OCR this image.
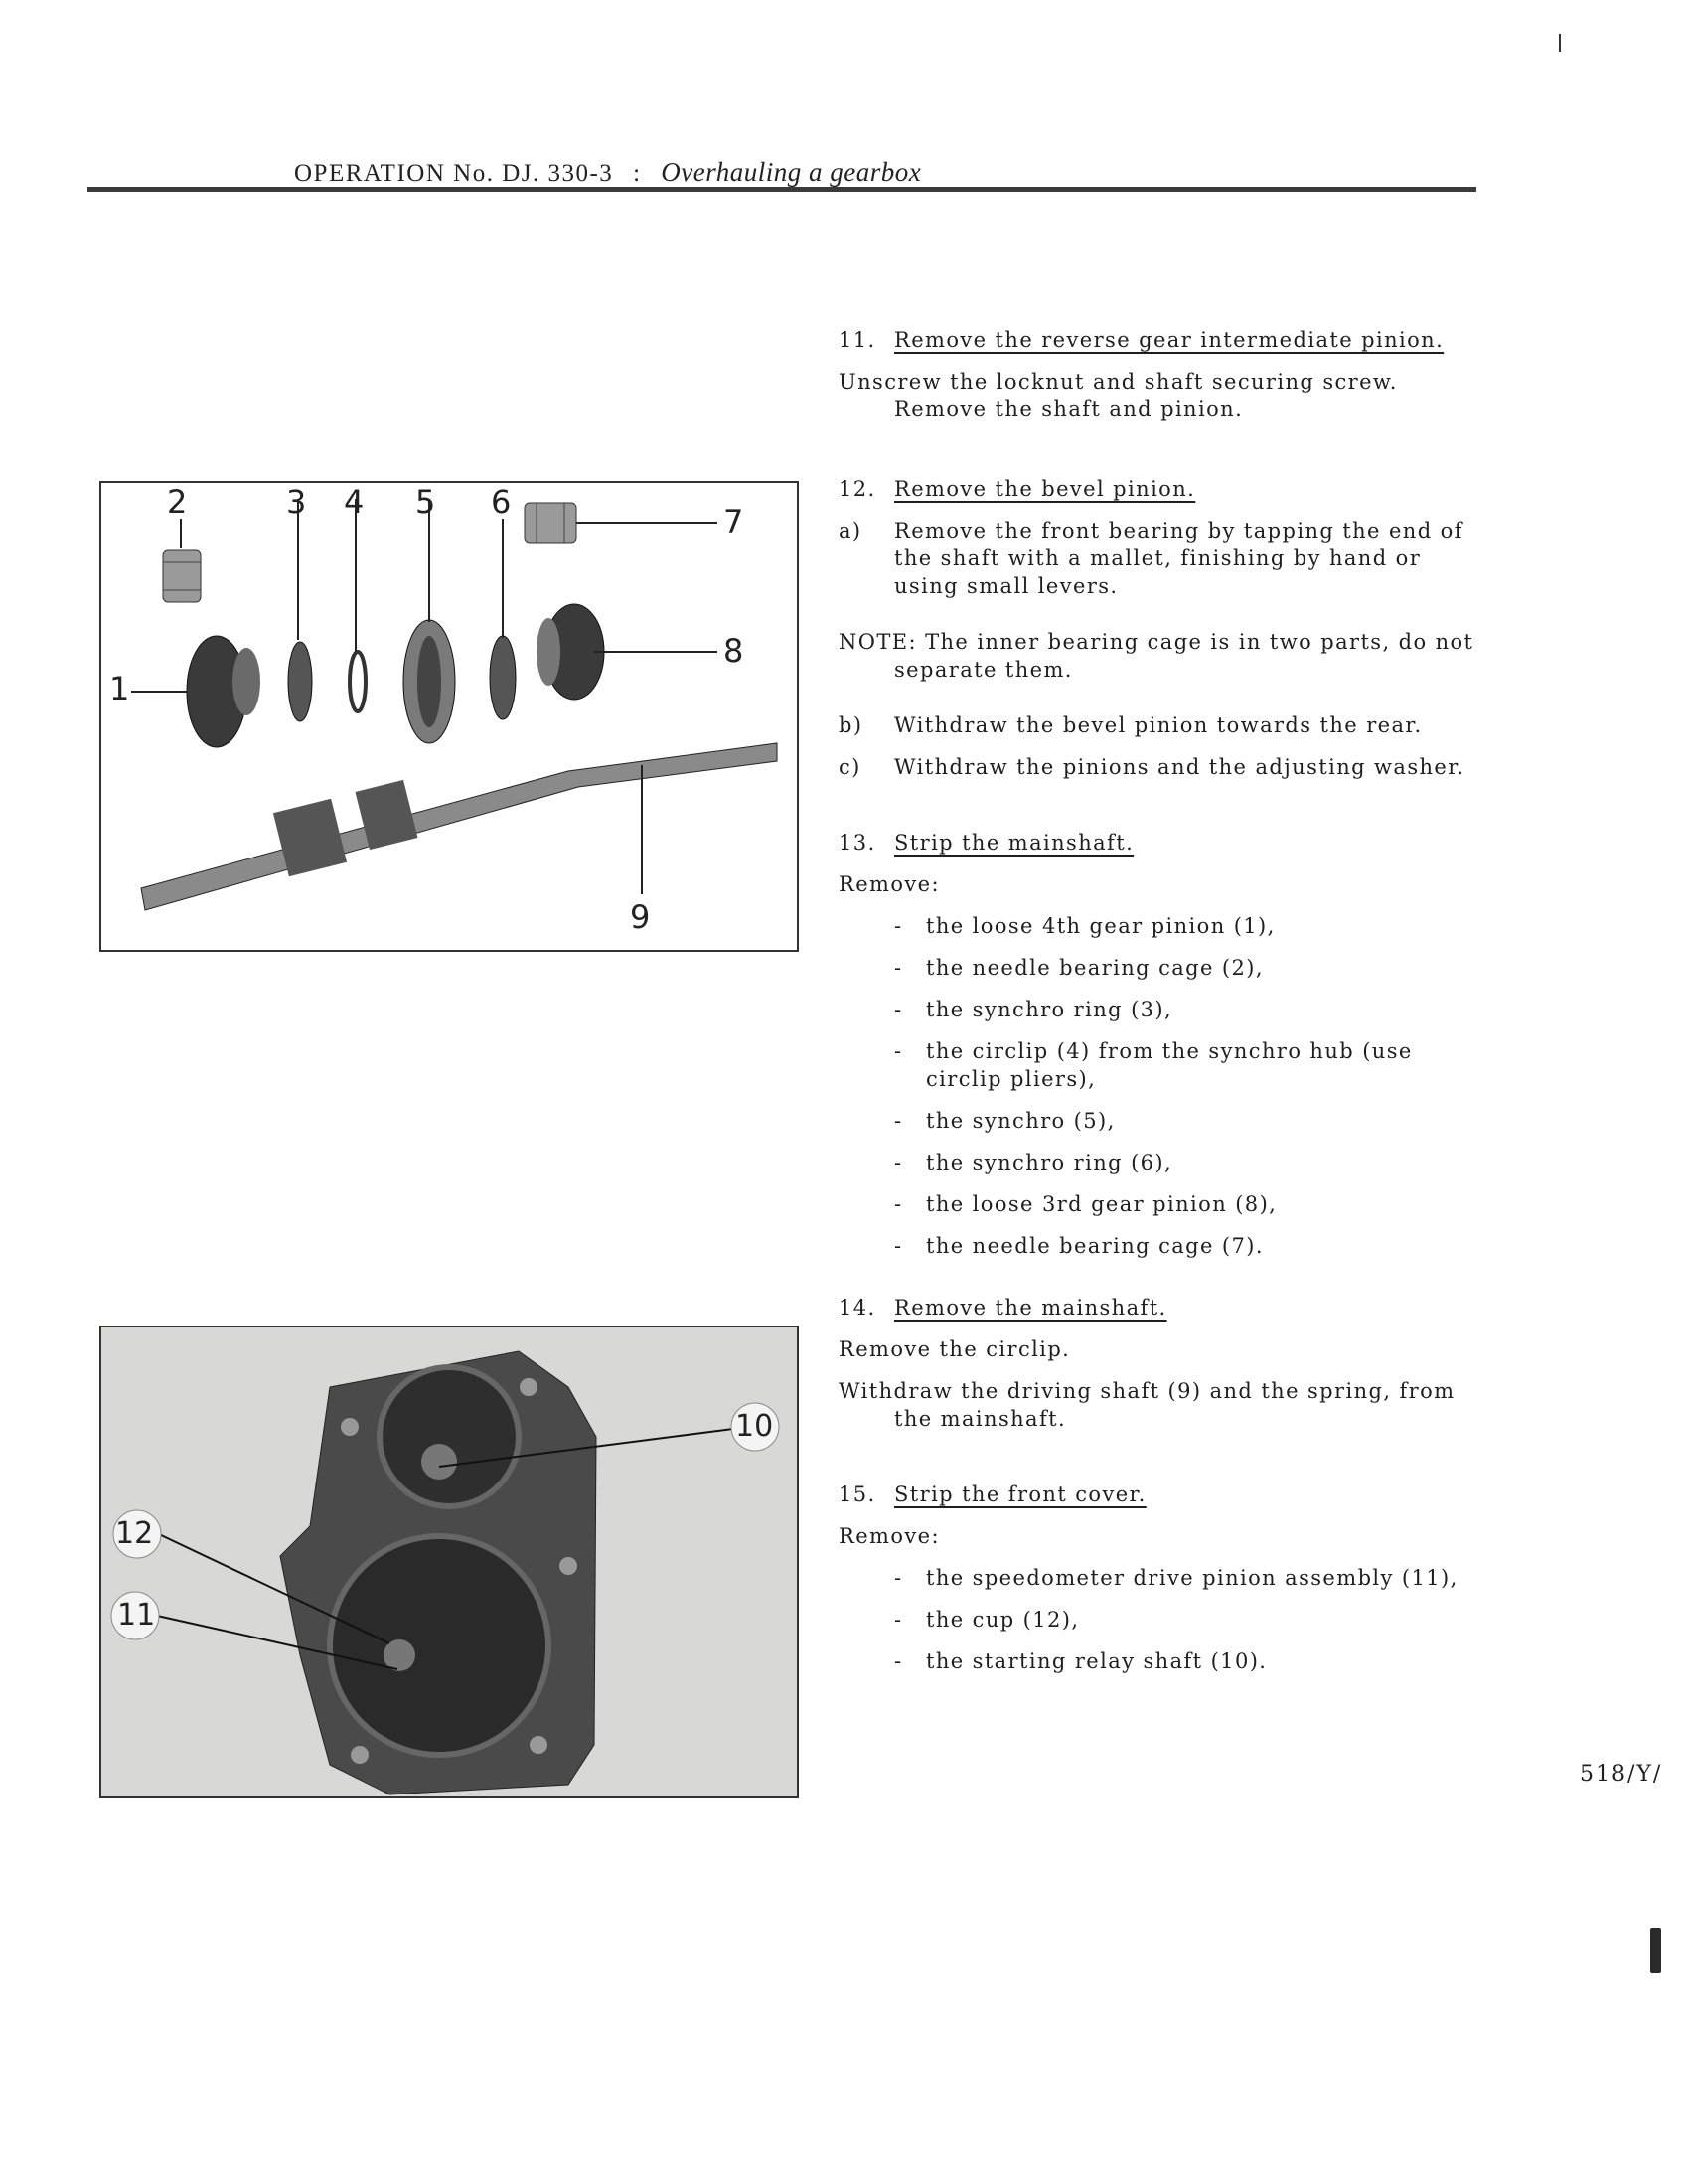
OPERATION No. DJ. 330-3 : Overhauling a gearbox
1
2	3 4 5 6
7
8
9
10
11
12
11. Remove the reverse gear intermediate pinion.
Unscrew the locknut and shaft securing screw. Remove the shaft and pinion.
12. Remove the bevel pinion.
a)	Remove the front bearing by tapping the end of the shaft with a mallet, finishing by hand or using small levers.
NOTE: The inner bearing cage is in two parts, do not separate them.
b)	Withdraw the bevel pinion towards the rear.
c)	Withdraw the pinions and the adjusting washer.
13. Strip the mainshaft.
Remove:
-	the loose 4th gear pinion (1),
-	the needle bearing cage (2),
-	the synchro ring (3),
-	the circlip (4) from the synchro hub (use circlip pliers),
-	the synchro (5),
-	the synchro ring (6),
-	the loose 3rd gear pinion (8),
-	the needle bearing cage (7).
14. Remove the mainshaft.
Remove the circlip.
Withdraw the driving shaft (9) and the spring, from the mainshaft.
15. Strip the front cover.
Remove:
-	the speedometer drive pinion assembly (11),
-	the cup (12),
-	the starting relay shaft (10).
518/Y/
